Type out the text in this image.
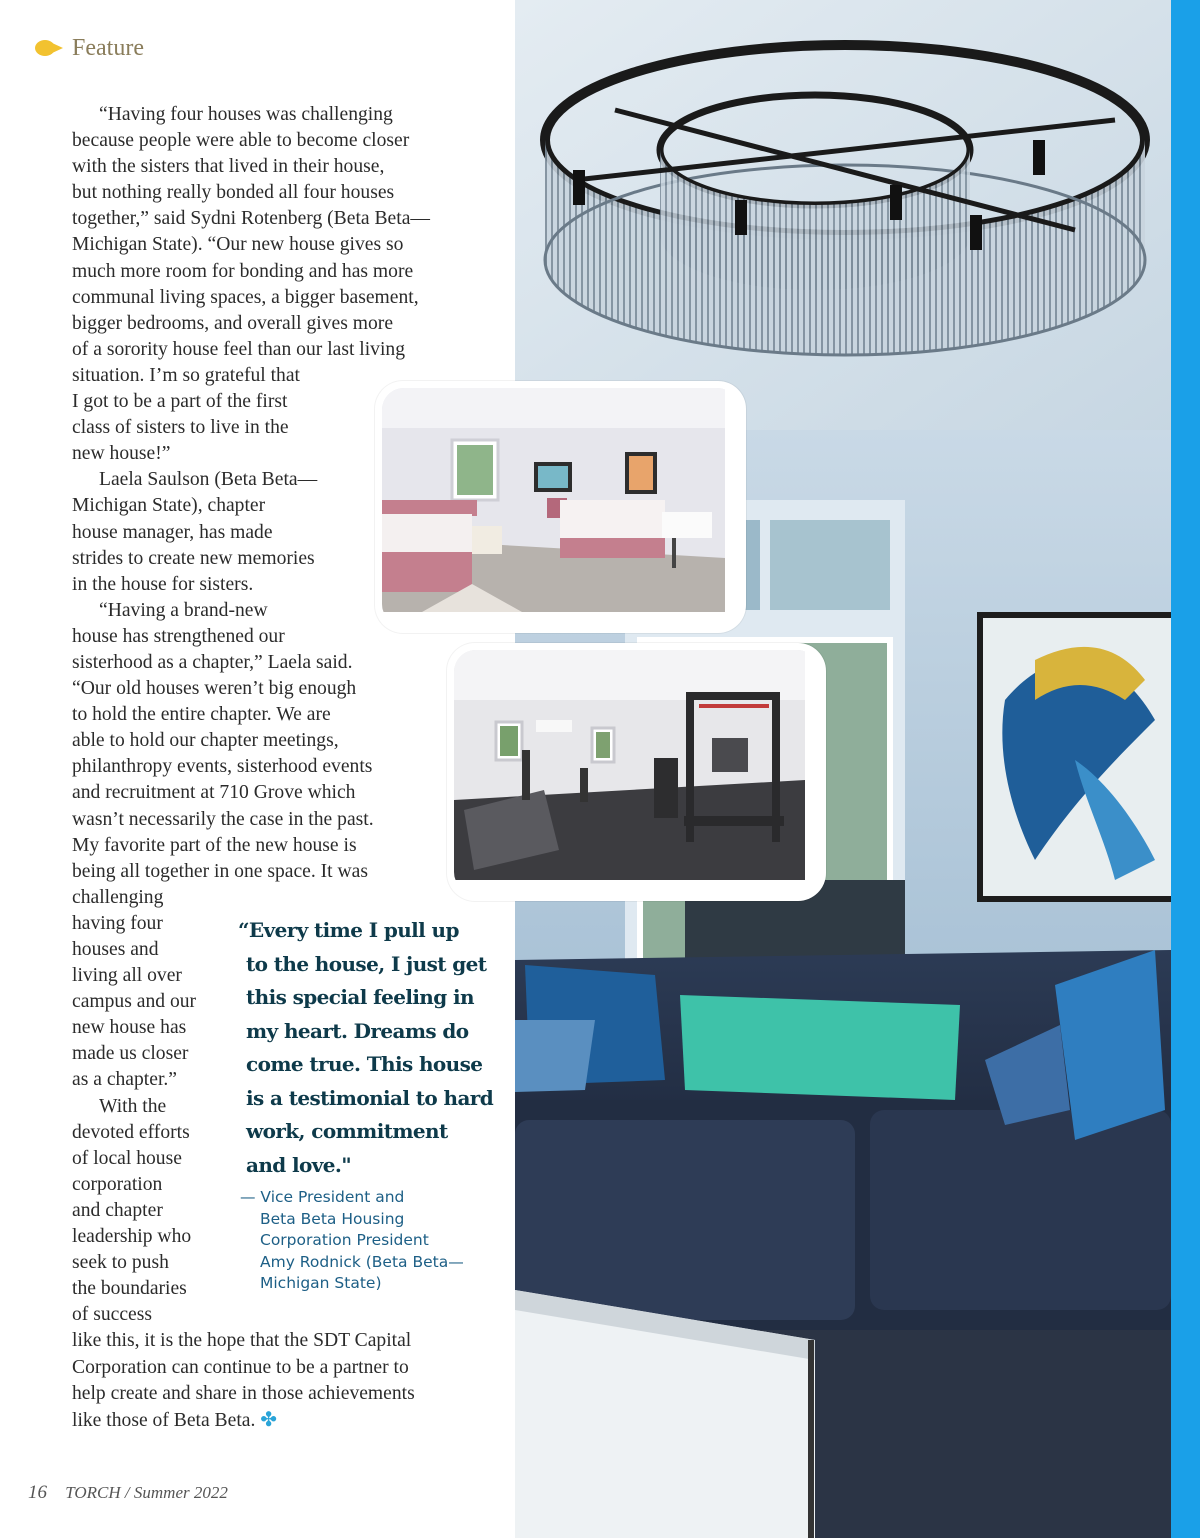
Feature
“Having four houses was challenging
because people were able to become closer
with the sisters that lived in their house,
but nothing really bonded all four houses
together,” said Sydni Rotenberg (Beta Beta—
Michigan State). “Our new house gives so
much more room for bonding and has more
communal living spaces, a bigger basement,
bigger bedrooms, and overall gives more
of a sorority house feel than our last living
situation. I’m so grateful that
I got to be a part of the first
class of sisters to live in the
new house!”
Laela Saulson (Beta Beta—
Michigan State), chapter
house manager, has made
strides to create new memories
in the house for sisters.
“Having a brand-new
house has strengthened our
sisterhood as a chapter,” Laela said.
“Our old houses weren’t big enough
to hold the entire chapter. We are
able to hold our chapter meetings,
philanthropy events, sisterhood events
and recruitment at 710 Grove which
wasn’t necessarily the case in the past.
My favorite part of the new house is
being all together in one space. It was
challenging
having four
houses and
living all over
campus and our
new house has
made us closer
as a chapter.”
With the
devoted efforts
of local house
corporation
and chapter
leadership who
seek to push
the boundaries
of success
like this, it is the hope that the SDT Capital
Corporation can continue to be a partner to
help create and share in those achievements
like those of Beta Beta. ✤
“Every time I pull up
to the house, I just get
this special feeling in
my heart. Dreams do
come true. This house
is a testimonial to hard
work, commitment
and love."
— Vice President and
Beta Beta Housing
Corporation President
Amy Rodnick (Beta Beta—
Michigan State)
16 TORCH / Summer 2022
